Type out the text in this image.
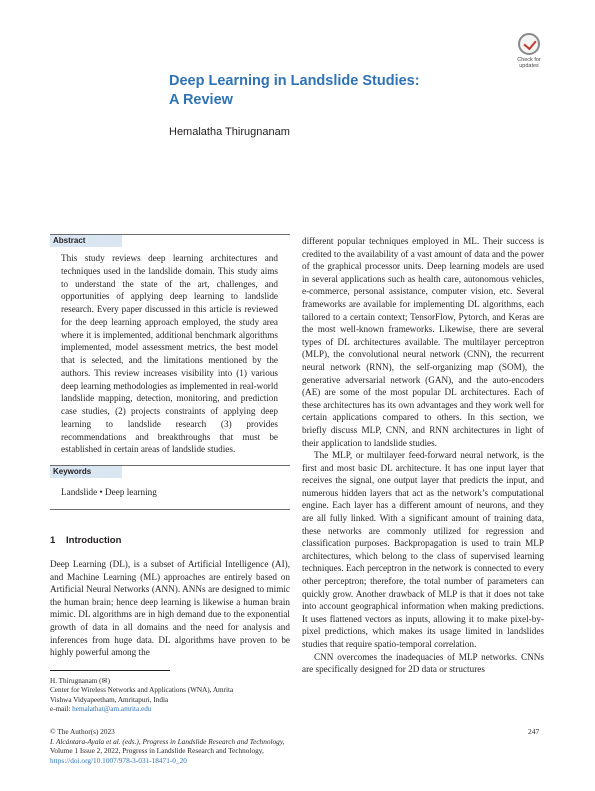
Check for
updates
Deep Learning in Landslide Studies:
A Review
Hemalatha Thirugnanam
Abstract
This study reviews deep learning architectures and techniques used in the landslide domain. This study aims to understand the state of the art, challenges, and opportunities of applying deep learning to landslide research. Every paper discussed in this article is reviewed for the deep learning approach employed, the study area where it is implemented, additional benchmark algorithms implemented, model assessment metrics, the best model that is selected, and the limitations mentioned by the authors. This review increases visibility into (1) various deep learning methodologies as implemented in real-world landslide mapping, detection, monitoring, and prediction case studies, (2) projects constraints of applying deep learning to landslide research (3) provides recommendations and breakthroughs that must be established in certain areas of landslide studies.
Keywords
Landslide • Deep learning
1 Introduction
Deep Learning (DL), is a subset of Artificial Intelligence (AI), and Machine Learning (ML) approaches are entirely based on Artificial Neural Networks (ANN). ANNs are designed to mimic the human brain; hence deep learning is likewise a human brain mimic. DL algorithms are in high demand due to the exponential growth of data in all domains and the need for analysis and inferences from huge data. DL algorithms have proven to be highly powerful among the
H. Thirugnanam (✉)
Center for Wireless Networks and Applications (WNA), Amrita
Vishwa Vidyapeetham, Amritapuri, India
e-mail: hemalathat@am.amrita.edu

different popular techniques employed in ML. Their success is credited to the availability of a vast amount of data and the power of the graphical processor units. Deep learning models are used in several applications such as health care, autonomous vehicles, e-commerce, personal assistance, computer vision, etc. Several frameworks are available for implementing DL algorithms, each tailored to a certain context; TensorFlow, Pytorch, and Keras are the most well-known frameworks. Likewise, there are several types of DL architectures available. The multilayer perceptron (MLP), the convolutional neural network (CNN), the recurrent neural network (RNN), the self-organizing map (SOM), the generative adversarial network (GAN), and the auto-encoders (AE) are some of the most popular DL architectures. Each of these architectures has its own advantages and they work well for certain applications compared to others. In this section, we briefly discuss MLP, CNN, and RNN architectures in light of their application to landslide studies.

The MLP, or multilayer feed-forward neural network, is the first and most basic DL architecture. It has one input layer that receives the signal, one output layer that predicts the input, and numerous hidden layers that act as the network’s computational engine. Each layer has a different amount of neurons, and they are all fully linked. With a significant amount of training data, these networks are commonly utilized for regression and classification purposes. Backpropagation is used to train MLP architectures, which belong to the class of supervised learning techniques. Each perceptron in the network is connected to every other perceptron; therefore, the total number of parameters can quickly grow. Another drawback of MLP is that it does not take into account geographical information when making predictions. It uses flattened vectors as inputs, allowing it to make pixel-by-pixel predictions, which makes its usage limited in landslides studies that require spatio-temporal correlation.

CNN overcomes the inadequacies of MLP networks. CNNs are specifically designed for 2D data or structures

© The Author(s) 2023
I. Alcántara-Ayala et al. (eds.), Progress in Landslide Research and Technology,
Volume 1 Issue 2, 2022, Progress in Landslide Research and Technology,
https://doi.org/10.1007/978-3-031-18471-0_20
247
